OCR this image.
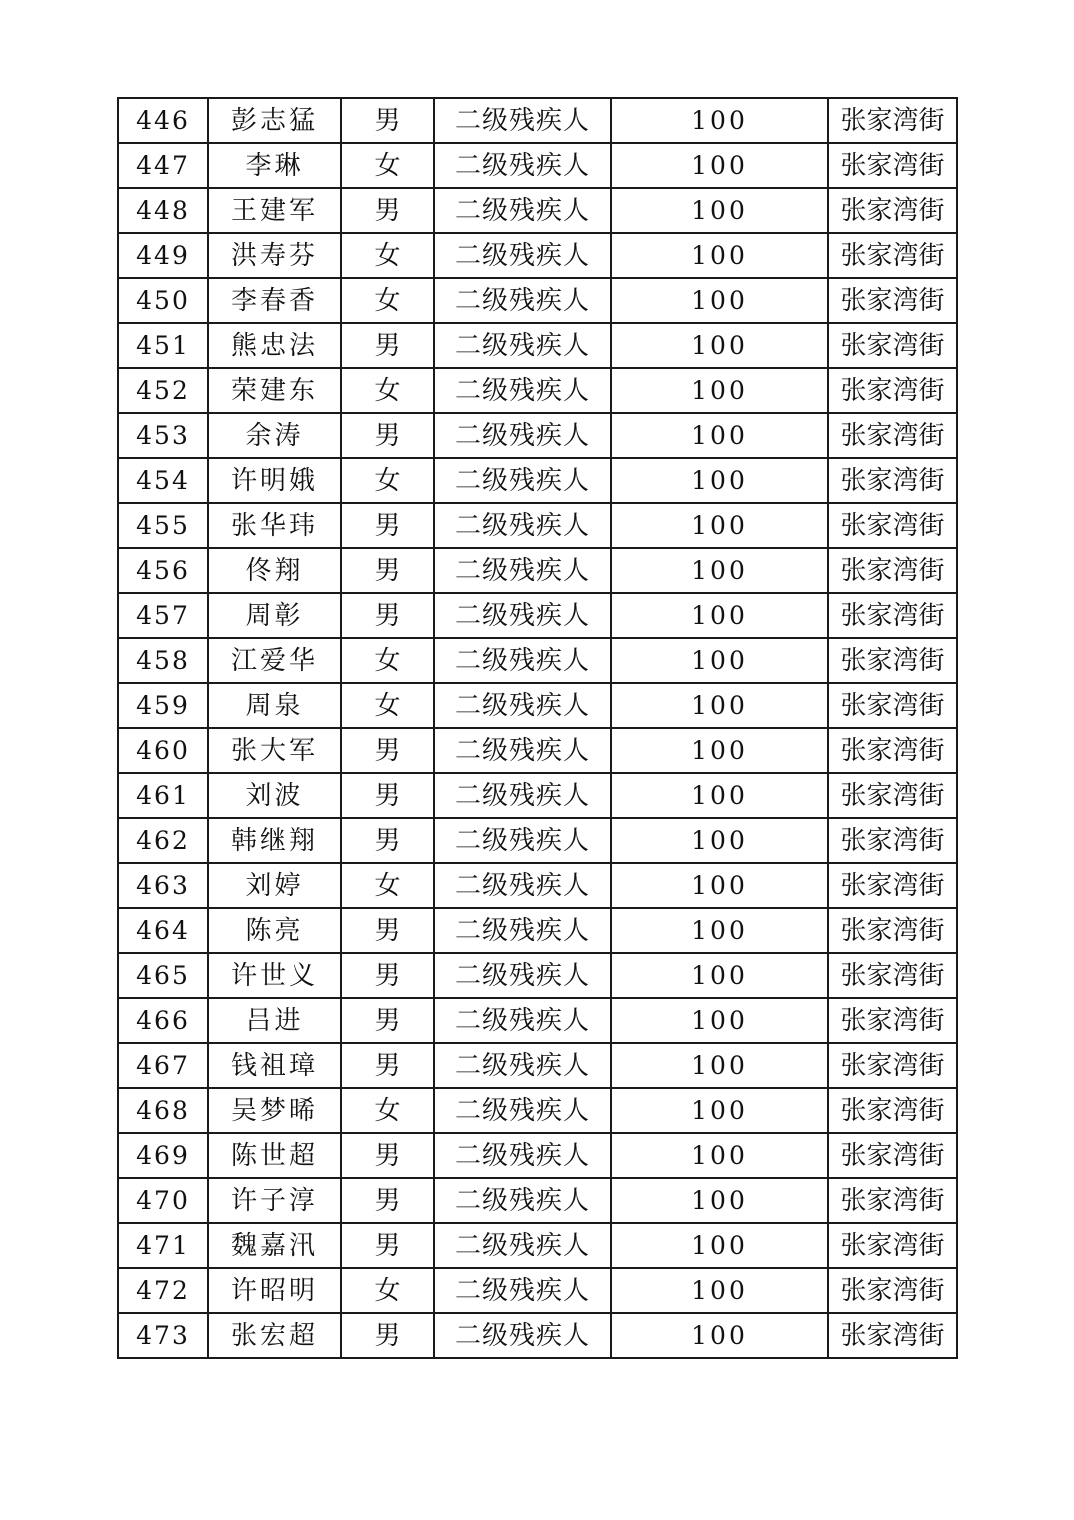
446	彭志猛	男	二级残疾人	100	张家湾街
447	李琳	女	二级残疾人	100	张家湾街
448	王建军	男	二级残疾人	100	张家湾街
449	洪寿芬	女	二级残疾人	100	张家湾街
450	李春香	女	二级残疾人	100	张家湾街
451	熊忠法	男	二级残疾人	100	张家湾街
452	荣建东	女	二级残疾人	100	张家湾街
453	余涛	男	二级残疾人	100	张家湾街
454	许明娥	女	二级残疾人	100	张家湾街
455	张华玮	男	二级残疾人	100	张家湾街
456	佟翔	男	二级残疾人	100	张家湾街
457	周彰	男	二级残疾人	100	张家湾街
458	江爱华	女	二级残疾人	100	张家湾街
459	周泉	女	二级残疾人	100	张家湾街
460	张大军	男	二级残疾人	100	张家湾街
461	刘波	男	二级残疾人	100	张家湾街
462	韩继翔	男	二级残疾人	100	张家湾街
463	刘婷	女	二级残疾人	100	张家湾街
464	陈亮	男	二级残疾人	100	张家湾街
465	许世义	男	二级残疾人	100	张家湾街
466	吕进	男	二级残疾人	100	张家湾街
467	钱祖璋	男	二级残疾人	100	张家湾街
468	吴梦晞	女	二级残疾人	100	张家湾街
469	陈世超	男	二级残疾人	100	张家湾街
470	许子淳	男	二级残疾人	100	张家湾街
471	魏嘉汛	男	二级残疾人	100	张家湾街
472	许昭明	女	二级残疾人	100	张家湾街
473	张宏超	男	二级残疾人	100	张家湾街
